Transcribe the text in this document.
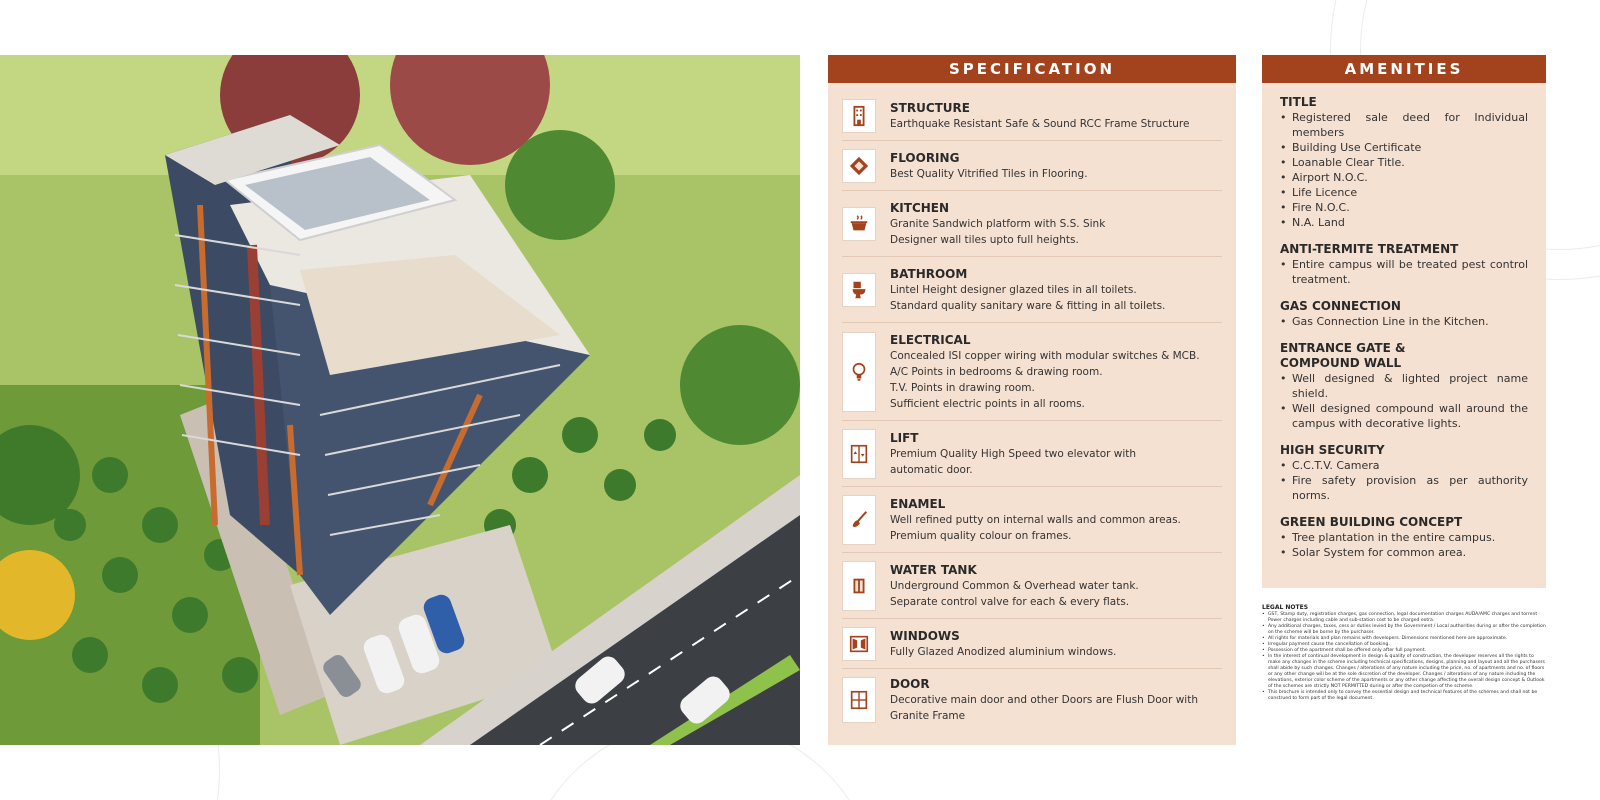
SPECIFICATION
STRUCTURE
Earthquake Resistant Safe & Sound RCC Frame Structure
FLOORING
Best Quality Vitrified Tiles in Flooring.
KITCHEN
Granite Sandwich platform with S.S. Sink
Designer wall tiles upto full heights.
BATHROOM
Lintel Height designer glazed tiles in all toilets.
Standard quality sanitary ware & fitting in all toilets.
ELECTRICAL
Concealed ISI copper wiring with modular switches & MCB.
A/C Points in bedrooms & drawing room.
T.V. Points in drawing room.
Sufficient electric points in all rooms.
LIFT
Premium Quality High Speed two elevator with
automatic door.
ENAMEL
Well refined putty on internal walls and common areas.
Premium quality colour on frames.
WATER TANK
Underground Common & Overhead water tank.
Separate control valve for each & every flats.
WINDOWS
Fully Glazed Anodized aluminium windows.
DOOR
Decorative main door and other Doors are Flush Door with
Granite Frame
AMENITIES
TITLE
• Registered sale deed for Individual members
• Building Use Certificate
• Loanable Clear Title.
• Airport N.O.C.
• Life Licence
• Fire N.O.C.
• N.A. Land
ANTI-TERMITE TREATMENT
• Entire campus will be treated pest control treatment.
GAS CONNECTION
• Gas Connection Line in the Kitchen.
ENTRANCE GATE & COMPOUND WALL
• Well designed & lighted project name shield.
• Well designed compound wall around the campus with decorative lights.
HIGH SECURITY
• C.C.T.V. Camera
• Fire safety provision as per authority norms.
GREEN BUILDING CONCEPT
• Tree plantation in the entire campus.
• Solar System for common area.
LEGAL NOTES
• GST, Stamp duty, registration charges, gas connection, legal documentation charges AUDA/AMC charges and torrent Power charges including cable and sub-station cost to be charged extra.
• Any additional charges, taxes, cess or duties levied by the Government / Local authorities during or after the completion on the scheme will be borne by the purchaser.
• All rights for materials and plan remains with developers. Dimensions mentioned here are approximate.
• Irregular payment cause the cancellation of booking.
• Possession of the apartment shall be offered only after full payment.
• In the interest of continual development in design & quality of construction, the developer reserves all the rights to make any changes in the scheme including technical specifications, designs, planning and layout and all the purchasers shall abide by such changes. Changes / alterations of any nature including the price, no. of apartments and no. of floors or any other change will be at the sole discretion of the developer. Changes / alterations of any nature including the elevations, exterior color scheme of the apartments or any other change affecting the overall design concept & Outlook of the schemes are strictly NOT PERMITTED during or after the competion of the scheme.
• This brochure is intended only to convey the essential design and technical features of the schemes and shall not be construed to form part of the legal document.
